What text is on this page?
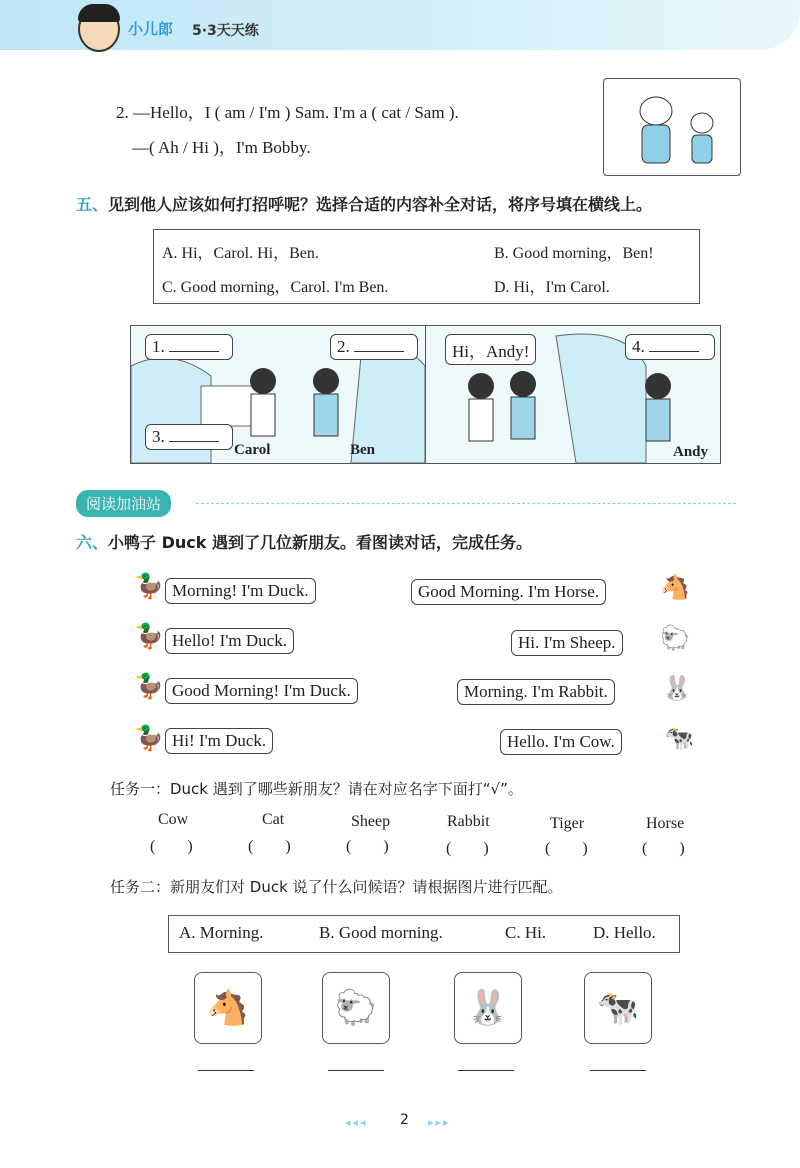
小儿郎 5·3天天练
2. —Hello，I ( am / I'm ) Sam. I'm a ( cat / Sam ).
—( Ah / Hi )，I'm Bobby.
五、见到他人应该如何打招呼呢？选择合适的内容补全对话，将序号填在横线上。
A. Hi，Carol. Hi，Ben.	B. Good morning，Ben!
C. Good morning，Carol. I'm Ben.	D. Hi，I'm Carol.
1.	2.
3.
Hi，Andy!	4.
Carol	Ben	Andy
阅读加油站
六、小鸭子 Duck 遇到了几位新朋友。看图读对话，完成任务。
🦆 Morning! I'm Duck.
🦆 Hello! I'm Duck.
🦆 Good Morning! I'm Duck.
🦆 Hi! I'm Duck.
Good Morning. I'm Horse.	🐴
Hi. I'm Sheep. 🐑
Morning. I'm Rabbit. 🐰
Hello. I'm Cow. 🐄
任务一：Duck 遇到了哪些新朋友？请在对应名字下面打“√”。
Cow	Cat	Sheep	Rabbit	Tiger	Horse
(        )	(        )	(        )	(        )	(        )	(        )
任务二：新朋友们对 Duck 说了什么问候语？请根据图片进行匹配。
A. Morning.	B. Good morning.	C. Hi.	D. Hello.
🐴	🐑	🐰	🐄
◂◂◂ 2 ▸▸▸
